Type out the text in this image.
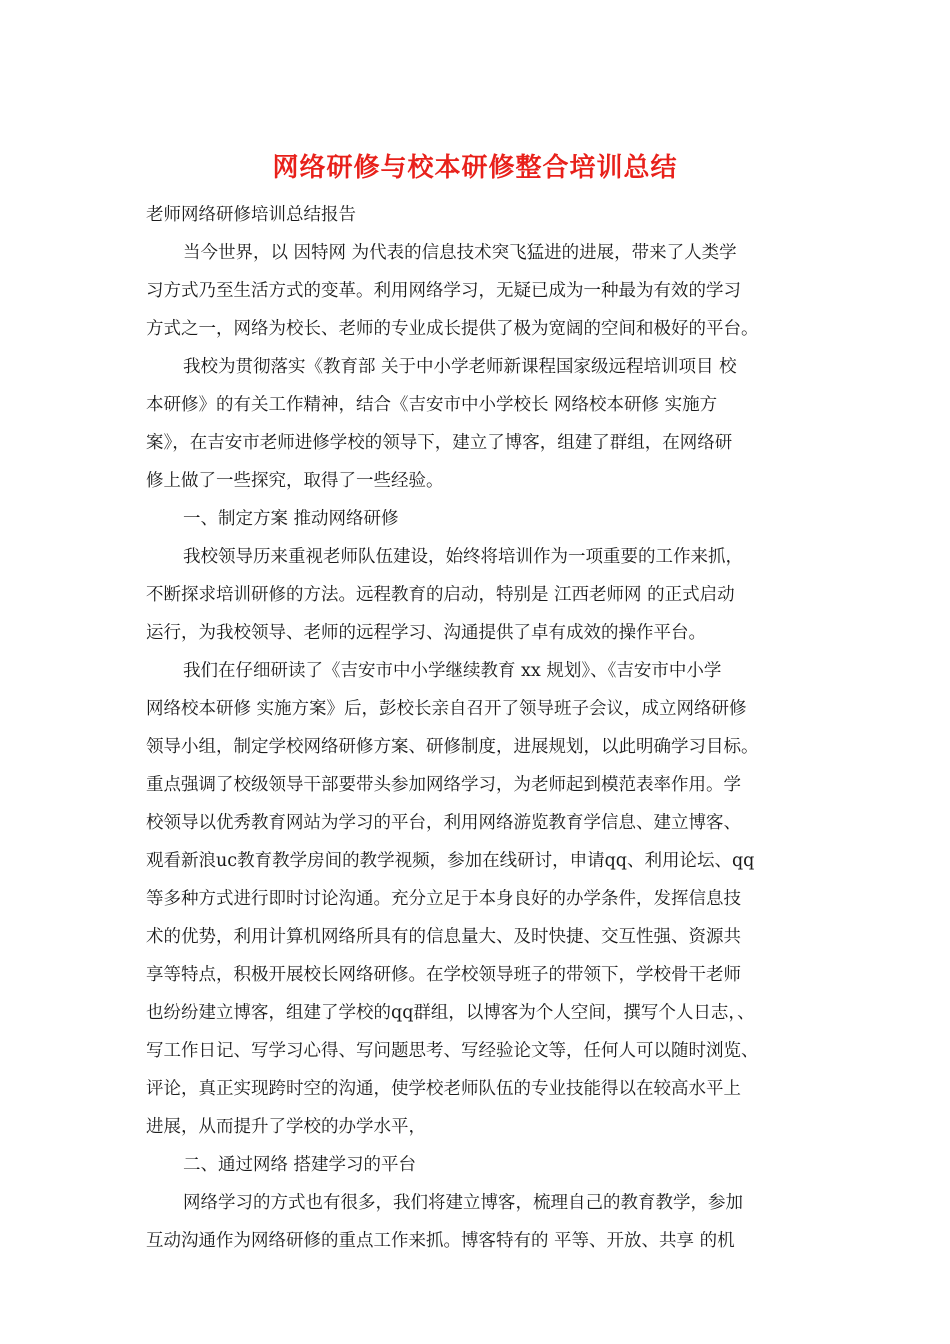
网络研修与校本研修整合培训总结
老师网络研修培训总结报告
当今世界，以 因特网 为代表的信息技术突飞猛进的进展，带来了人类学
习方式乃至生活方式的变革。利用网络学习，无疑已成为一种最为有效的学习
方式之一，网络为校长、老师的专业成长提供了极为宽阔的空间和极好的平台。
我校为贯彻落实《教育部 关于中小学老师新课程国家级远程培训项目 校
本研修》的有关工作精神，结合《吉安市中小学校长 网络校本研修 实施方
案》，在吉安市老师进修学校的领导下，建立了博客，组建了群组，在网络研
修上做了一些探究，取得了一些经验。
一、制定方案 推动网络研修
我校领导历来重视老师队伍建设，始终将培训作为一项重要的工作来抓，
不断探求培训研修的方法。远程教育的启动，特别是 江西老师网 的正式启动
运行，为我校领导、老师的远程学习、沟通提供了卓有成效的操作平台。
我们在仔细研读了《吉安市中小学继续教育 xx 规划》、《吉安市中小学
网络校本研修 实施方案》后，彭校长亲自召开了领导班子会议，成立网络研修
领导小组，制定学校网络研修方案、研修制度，进展规划，以此明确学习目标。
重点强调了校级领导干部要带头参加网络学习，为老师起到模范表率作用。学
校领导以优秀教育网站为学习的平台，利用网络游览教育学信息、建立博客、
观看新浪uc教育教学房间的教学视频，参加在线研讨，申请qq、利用论坛、qq
等多种方式进行即时讨论沟通。充分立足于本身良好的办学条件，发挥信息技
术的优势，利用计算机网络所具有的信息量大、及时快捷、交互性强、资源共
享等特点，积极开展校长网络研修。在学校领导班子的带领下，学校骨干老师
也纷纷建立博客，组建了学校的qq群组，以博客为个人空间，撰写个人日志，、
写工作日记、写学习心得、写问题思考、写经验论文等，任何人可以随时浏览、
评论，真正实现跨时空的沟通，使学校老师队伍的专业技能得以在较高水平上
进展，从而提升了学校的办学水平，
二、通过网络 搭建学习的平台
网络学习的方式也有很多，我们将建立博客，梳理自己的教育教学，参加
互动沟通作为网络研修的重点工作来抓。博客特有的 平等、开放、共享 的机
